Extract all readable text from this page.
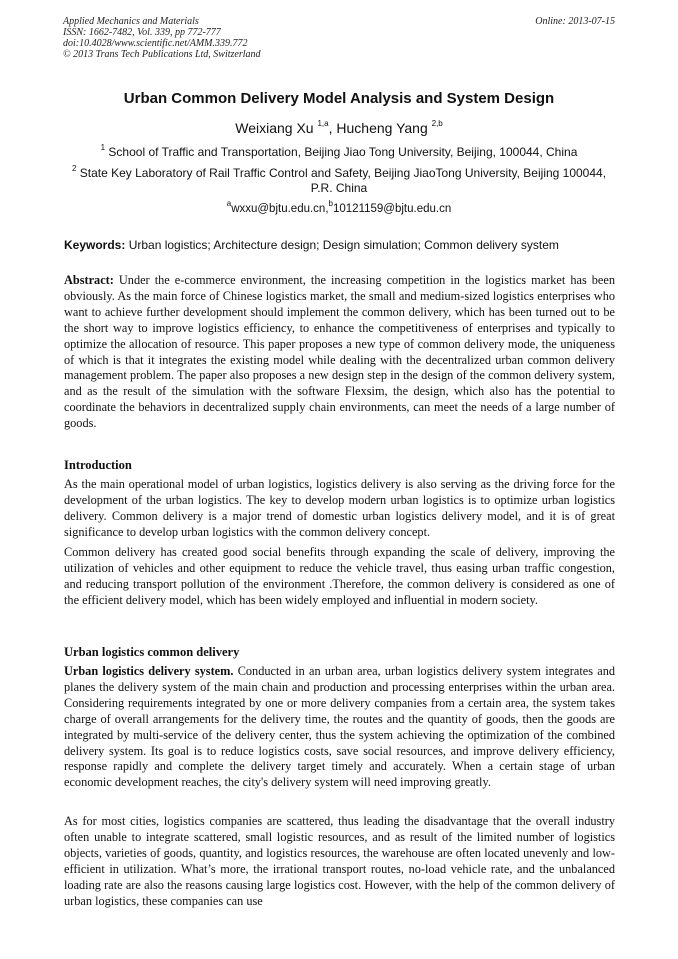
Applied Mechanics and Materials
ISSN: 1662-7482, Vol. 339, pp 772-777
doi:10.4028/www.scientific.net/AMM.339.772
© 2013 Trans Tech Publications Ltd, Switzerland
Online: 2013-07-15
Urban Common Delivery Model Analysis and System Design
Weixiang Xu $^{1,a}$, Hucheng Yang $^{2,b}$
$^1$ School of Traffic and Transportation, Beijing Jiao Tong University, Beijing, 100044, China
$^2$ State Key Laboratory of Rail Traffic Control and Safety, Beijing JiaoTong University, Beijing 100044, P.R. China
$^a$wxxu@bjtu.edu.cn,$^b$10121159@bjtu.edu.cn
Keywords: Urban logistics; Architecture design; Design simulation; Common delivery system

Abstract: Under the e-commerce environment, the increasing competition in the logistics market has been obviously. As the main force of Chinese logistics market, the small and medium-sized logistics enterprises who want to achieve further development should implement the common delivery, which has been turned out to be the short way to improve logistics efficiency, to enhance the competitiveness of enterprises and typically to optimize the allocation of resource. This paper proposes a new type of common delivery mode, the uniqueness of which is that it integrates the existing model while dealing with the decentralized urban common delivery management problem. The paper also proposes a new design step in the design of the common delivery system, and as the result of the simulation with the software Flexsim, the design, which also has the potential to coordinate the behaviors in decentralized supply chain environments, can meet the needs of a large number of goods.

Introduction

As the main operational model of urban logistics, logistics delivery is also serving as the driving force for the development of the urban logistics. The key to develop modern urban logistics is to optimize urban logistics delivery. Common delivery is a major trend of domestic urban logistics delivery model, and it is of great significance to develop urban logistics with the common delivery concept.

Common delivery has created good social benefits through expanding the scale of delivery, improving the utilization of vehicles and other equipment to reduce the vehicle travel, thus easing urban traffic congestion, and reducing transport pollution of the environment .Therefore, the common delivery is considered as one of the efficient delivery model, which has been widely employed and influential in modern society.

Urban logistics common delivery

Urban logistics delivery system. Conducted in an urban area, urban logistics delivery system integrates and planes the delivery system of the main chain and production and processing enterprises within the urban area. Considering requirements integrated by one or more delivery companies from a certain area, the system takes charge of overall arrangements for the delivery time, the routes and the quantity of goods, then the goods are integrated by multi-service of the delivery center, thus the system achieving the optimization of the combined delivery system. Its goal is to reduce logistics costs, save social resources, and improve delivery efficiency, response rapidly and complete the delivery target timely and accurately. When a certain stage of urban economic development reaches, the city's delivery system will need improving greatly.

As for most cities, logistics companies are scattered, thus leading the disadvantage that the overall industry often unable to integrate scattered, small logistic resources, and as result of the limited number of logistics objects, varieties of goods, quantity, and logistics resources, the warehouse are often located unevenly and low-efficient in utilization. What’s more, the irrational transport routes, no-load vehicle rate, and the unbalanced loading rate are also the reasons causing large logistics cost. However, with the help of the common delivery of urban logistics, these companies can use
